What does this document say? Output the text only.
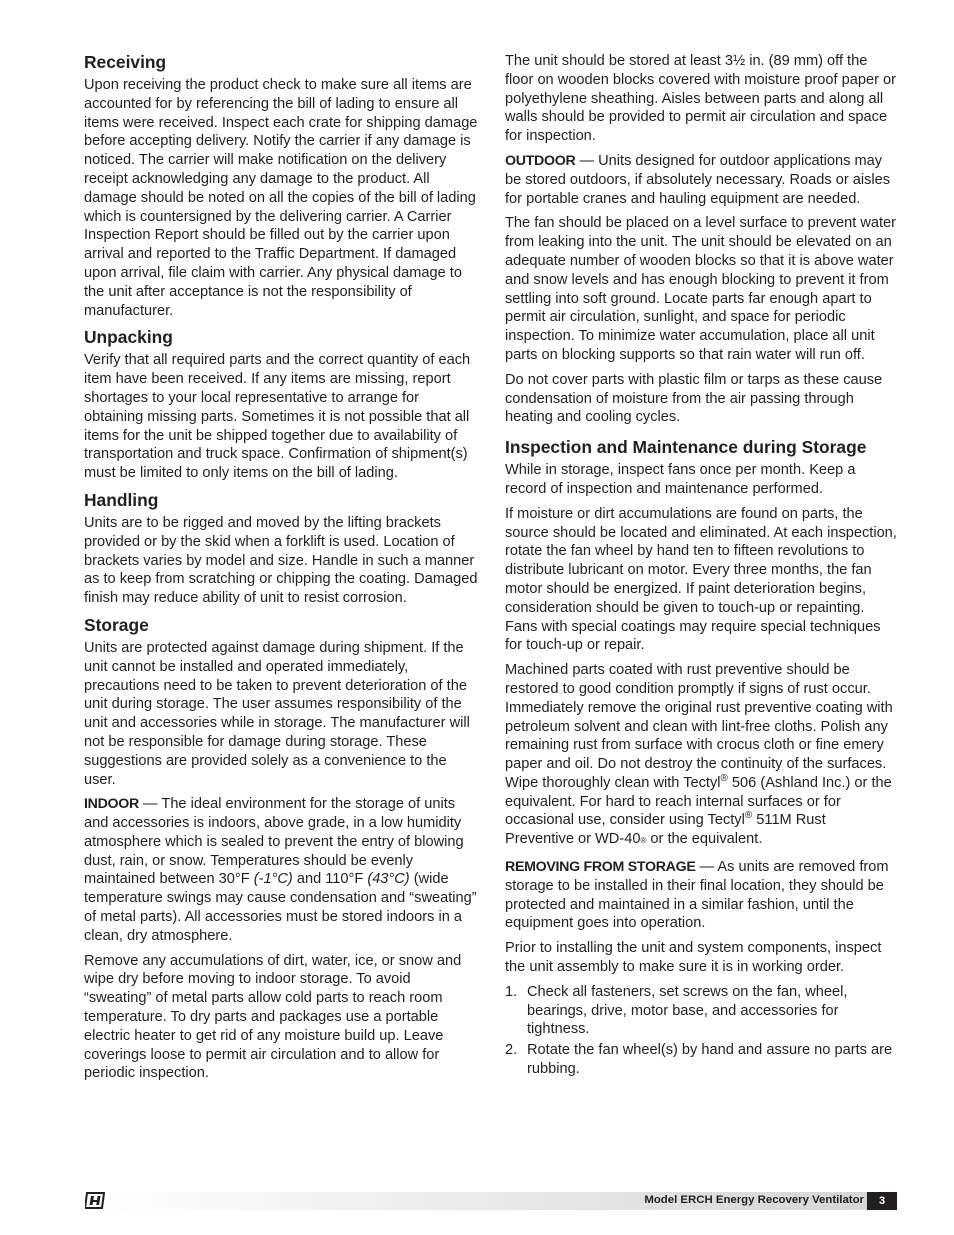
Receiving

Upon receiving the product check to make sure all items are accounted for by referencing the bill of lading to ensure all items were received. Inspect each crate for shipping damage before accepting delivery. Notify the carrier if any damage is noticed. The carrier will make notification on the delivery receipt acknowledging any damage to the product. All damage should be noted on all the copies of the bill of lading which is countersigned by the delivering carrier. A Carrier Inspection Report should be filled out by the carrier upon arrival and reported to the Traffic Department. If damaged upon arrival, file claim with carrier. Any physical damage to the unit after acceptance is not the responsibility of manufacturer.

Unpacking

Verify that all required parts and the correct quantity of each item have been received. If any items are missing, report shortages to your local representative to arrange for obtaining missing parts. Sometimes it is not possible that all items for the unit be shipped together due to availability of transportation and truck space. Confirmation of shipment(s) must be limited to only items on the bill of lading.

Handling

Units are to be rigged and moved by the lifting brackets provided or by the skid when a forklift is used. Location of brackets varies by model and size. Handle in such a manner as to keep from scratching or chipping the coating. Damaged finish may reduce ability of unit to resist corrosion.

Storage

Units are protected against damage during shipment. If the unit cannot be installed and operated immediately, precautions need to be taken to prevent deterioration of the unit during storage. The user assumes responsibility of the unit and accessories while in storage. The manufacturer will not be responsible for damage during storage. These suggestions are provided solely as a convenience to the user.

INDOOR — The ideal environment for the storage of units and accessories is indoors, above grade, in a low humidity atmosphere which is sealed to prevent the entry of blowing dust, rain, or snow. Temperatures should be evenly maintained between 30°F (-1°C) and 110°F (43°C) (wide temperature swings may cause condensation and “sweating” of metal parts). All accessories must be stored indoors in a clean, dry atmosphere.

Remove any accumulations of dirt, water, ice, or snow and wipe dry before moving to indoor storage. To avoid “sweating” of metal parts allow cold parts to reach room temperature. To dry parts and packages use a portable electric heater to get rid of any moisture build up. Leave coverings loose to permit air circulation and to allow for periodic inspection.

The unit should be stored at least 3½ in. (89 mm) off the floor on wooden blocks covered with moisture proof paper or polyethylene sheathing. Aisles between parts and along all walls should be provided to permit air circulation and space for inspection.

OUTDOOR — Units designed for outdoor applications may be stored outdoors, if absolutely necessary. Roads or aisles for portable cranes and hauling equipment are needed.

The fan should be placed on a level surface to prevent water from leaking into the unit. The unit should be elevated on an adequate number of wooden blocks so that it is above water and snow levels and has enough blocking to prevent it from settling into soft ground. Locate parts far enough apart to permit air circulation, sunlight, and space for periodic inspection. To minimize water accumulation, place all unit parts on blocking supports so that rain water will run off.

Do not cover parts with plastic film or tarps as these cause condensation of moisture from the air passing through heating and cooling cycles.

Inspection and Maintenance during Storage

While in storage, inspect fans once per month. Keep a record of inspection and maintenance performed.

If moisture or dirt accumulations are found on parts, the source should be located and eliminated. At each inspection, rotate the fan wheel by hand ten to fifteen revolutions to distribute lubricant on motor. Every three months, the fan motor should be energized. If paint deterioration begins, consideration should be given to touch-up or repainting. Fans with special coatings may require special techniques for touch-up or repair.

Machined parts coated with rust preventive should be restored to good condition promptly if signs of rust occur. Immediately remove the original rust preventive coating with petroleum solvent and clean with lint-free cloths. Polish any remaining rust from surface with crocus cloth or fine emery paper and oil. Do not destroy the continuity of the surfaces. Wipe thoroughly clean with Tectyl® 506 (Ashland Inc.) or the equivalent. For hard to reach internal surfaces or for occasional use, consider using Tectyl® 511M Rust Preventive or WD-40® or the equivalent.

REMOVING FROM STORAGE — As units are removed from storage to be installed in their final location, they should be protected and maintained in a similar fashion, until the equipment goes into operation.

Prior to installing the unit and system components, inspect the unit assembly to make sure it is in working order.

1. Check all fasteners, set screws on the fan, wheel, bearings, drive, motor base, and accessories for tightness.
2. Rotate the fan wheel(s) by hand and assure no parts are rubbing.
Model ERCH Energy Recovery Ventilator	3
